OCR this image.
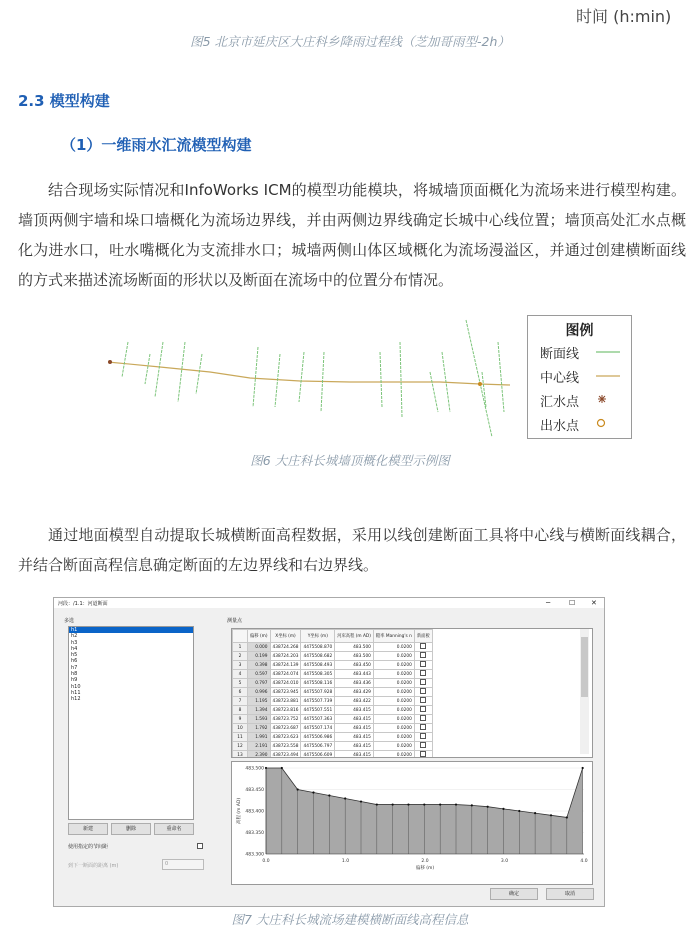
时间 (h:min)
图5 北京市延庆区大庄科乡降雨过程线（芝加哥雨型-2h）
2.3 模型构建
（1）一维雨水汇流模型构建
结合现场实际情况和InfoWorks ICM的模型功能模块，将城墙顶面概化为流场来进行模型构建。墙顶两侧宇墙和垛口墙概化为流场边界线，并由两侧边界线确定长城中心线位置；墙顶高处汇水点概化为进水口，吐水嘴概化为支流排水口；城墙两侧山体区域概化为流场漫溢区，并通过创建横断面线的方式来描述流场断面的形状以及断面在流场中的位置分布情况。
图例
断面线
中心线
汇水点
出水点
图6 大庄科长城墙顶概化模型示例图
通过地面模型自动提取长城横断面高程数据，采用以线创建断面工具将中心线与横断面线耦合，并结合断面高程信息确定断面的左边界线和右边界线。
河段：/1.1：河道断面	─	☐ ✕
多选
h1
h2
h3
h4
h5
h6
h7
h8
h9
h10
h11
h12
新建	删除	重命名
使用指定的节间距
到下一断面的距离 (m)	0
测量点
	偏移 (m)	X坐标 (m)	Y坐标 (m)	河床高程 (m AD)	糙率 Manning's n	新面板
1	0.000	438724.268	4475508.870	483.500	0.0200	
2	0.199	438724.203	4475508.682	483.500	0.0200	
3	0.398	438724.139	4475508.493	483.450	0.0200	
4	0.597	438724.074	4475508.305	483.443	0.0200	
5	0.797	438724.010	4475508.116	483.436	0.0200	
6	0.996	438723.945	4475507.928	483.429	0.0200	
7	1.195	438723.881	4475507.739	483.422	0.0200	
8	1.394	438723.816	4475507.551	483.415	0.0200	
9	1.593	438723.752	4475507.363	483.415	0.0200	
10	1.792	438723.687	4475507.174	483.415	0.0200	
11	1.991	438723.623	4475506.986	483.415	0.0200	
12	2.191	438723.558	4475506.797	483.415	0.0200	
13	2.390	438723.494	4475506.609	483.415	0.0200	
483.500
483.450
483.400
483.350
483.300
0.0	1.0	2.0	3.0	4.0
偏移 (m)
高程 (m AD)
确定	取消
图7 大庄科长城流场建模横断面线高程信息
